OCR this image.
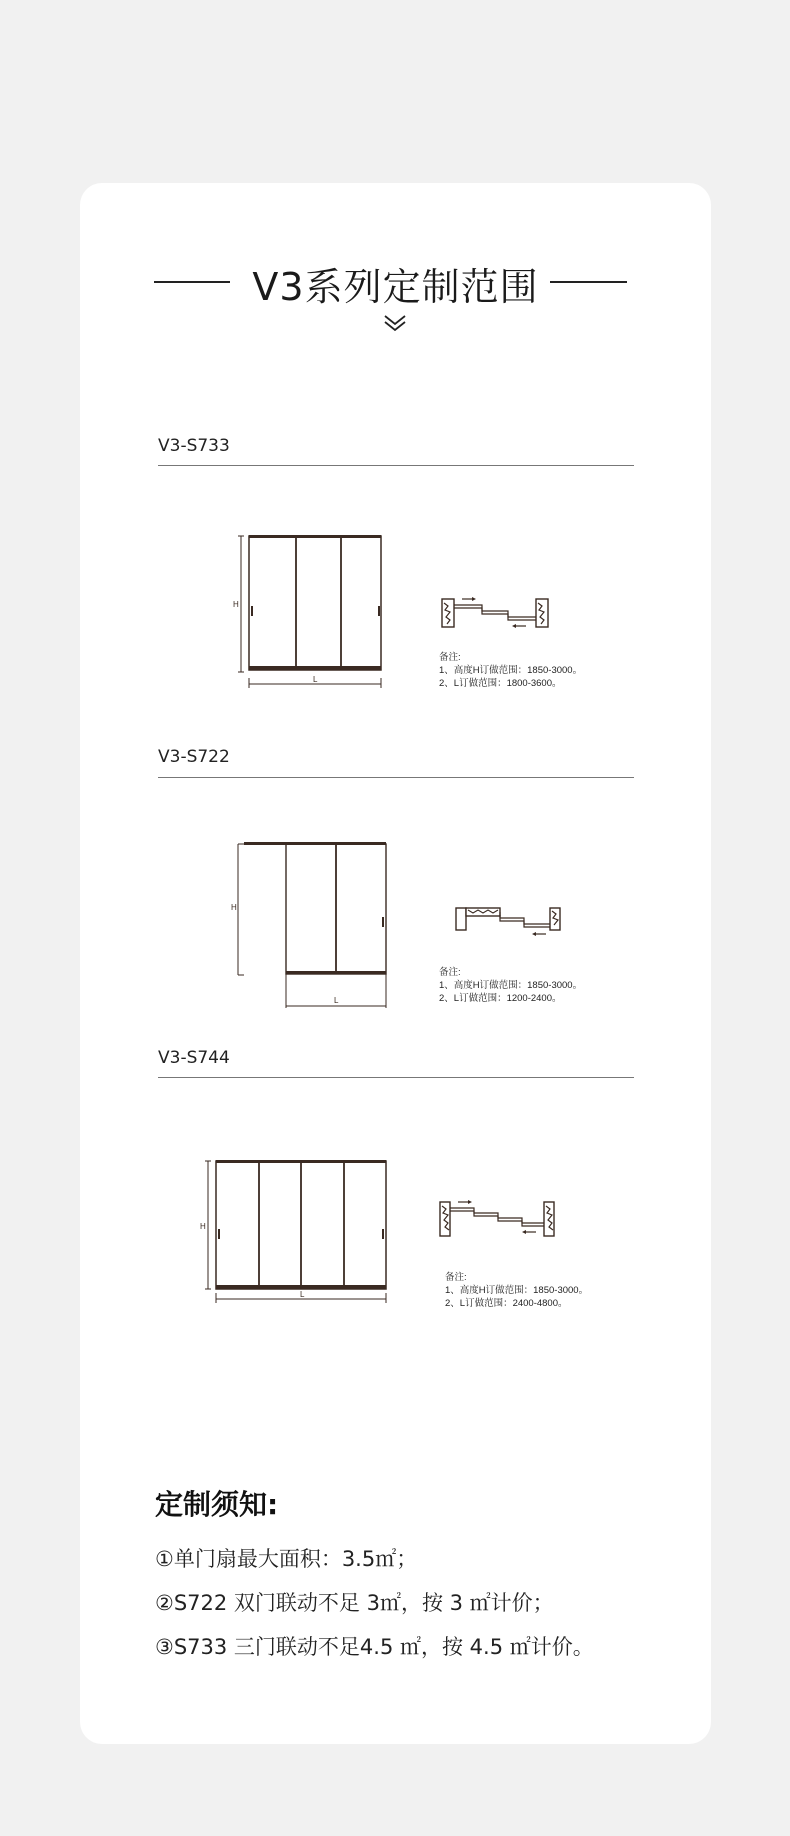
V3系列定制范围
V3-S733
H
L
备注:
1、高度H订做范围：1850-3000。
2、L订做范围：1800-3600。
V3-S722
H
L
备注:
1、高度H订做范围：1850-3000。
2、L订做范围：1200-2400。
V3-S744
H
L
备注:
1、高度H订做范围：1850-3000。
2、L订做范围：2400-4800。
定制须知:
①单门扇最大面积：3.5㎡；
②S722 双门联动不足 3㎡，按 3 ㎡计价；
③S733 三门联动不足4.5 ㎡，按 4.5 ㎡计价。
